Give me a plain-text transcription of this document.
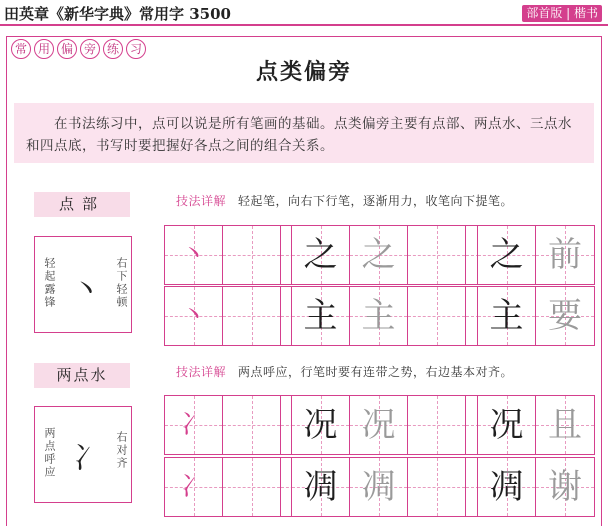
田英章《新华字典》常用字 3500	部首版 | 楷书
常 用 偏 旁 练 习
点类偏旁
在书法练习中，点可以说是所有笔画的基础。点类偏旁主要有点部、两点水、三点水和四点底，书写时要把握好各点之间的组合关系。
点部
轻起露锋 丶 右下轻顿
技法详解 轻起笔，向右下行笔，逐渐用力，收笔向下提笔。
两点水
两点呼应 冫 右对齐
技法详解 两点呼应，行笔时要有连带之势，右边基本对齐。
丶	之 之	之 前
丶	主 主	主 要
冫	况 况	况 且
冫	凋 凋	凋 谢
